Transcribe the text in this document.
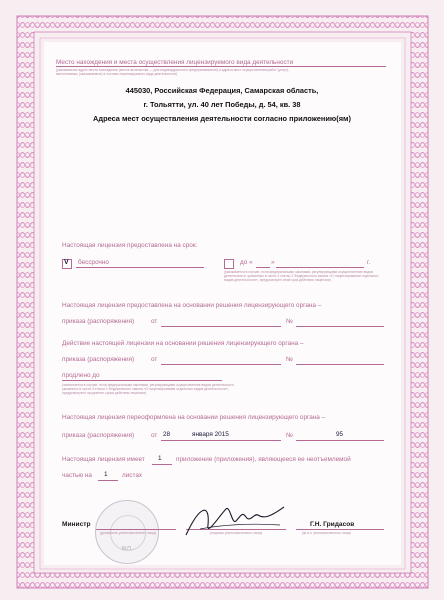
Место нахождения и места осуществления лицензируемого вида деятельности
(указываются адрес места нахождения (места жительства — для индивидуального предпринимателя) и адреса мест осуществления работ (услуг),
выполняемых (оказываемых) в составе лицензируемого вида деятельности)
445030, Российская Федерация, Самарская область,
г. Тольятти, ул. 40 лет Победы, д. 54, кв. 38
Адреса мест осуществления деятельности согласно приложению(ям)
Настоящая лицензия предоставлена на срок:
V бессрочно	до «	»	г.
(указывается в случае, если федеральными законами, регулирующими осуществление видов деятельности, указанных в части 4 статьи 1 Федерального закона «О лицензировании отдельных видов деятельности», предусмотрен иной срок действия лицензии)
Настоящая лицензия предоставлена на основании решения лицензирующего органа –
приказа (распоряжения)	от	№
Действие настоящей лицензии на основании решения лицензирующего органа –
приказа (распоряжения)	от	№
продлено до
(заполняется в случае, если федеральными законами, регулирующими осуществление видов деятельности, указанных в части 4 статьи 1 Федерального закона «О лицензировании отдельных видов деятельности», предусмотрено продление срока действия лицензии)
Настоящая лицензия переоформлена на основании решения лицензирующего органа –
приказа (распоряжения)	от 28	января 2015	№	95
Настоящая лицензия имеет 1 приложение (приложения), являющееся ее неотъемлемой
частью на 1 листах
М.П.
Министр
(должность уполномоченного лица)	(подпись уполномоченного лица)
Г.Н. Гридасов
(ф.и.о. уполномоченного лица)
